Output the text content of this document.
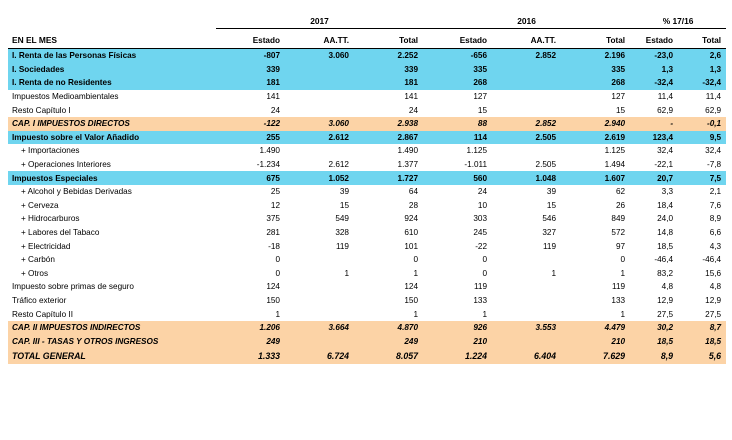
	2017			2016			% 17/16	
EN EL MES	Estado	AA.TT.	Total	Estado	AA.TT.	Total	Estado	Total

I. Renta de las Personas Físicas	-807	3.060	2.252	-656	2.852	2.196	-23,0	2,6
I. Sociedades	339		339	335		335	1,3	1,3
I. Renta de no Residentes	181		181	268		268	-32,4	-32,4
Impuestos Medioambientales	141		141	127		127	11,4	11,4
Resto Capítulo I	24		24	15		15	62,9	62,9
CAP. I IMPUESTOS DIRECTOS	-122	3.060	2.938	88	2.852	2.940	-	-0,1
Impuesto sobre el Valor Añadido	255	2.612	2.867	114	2.505	2.619	123,4	9,5
+ Importaciones	1.490		1.490	1.125		1.125	32,4	32,4
+ Operaciones Interiores	-1.234	2.612	1.377	-1.011	2.505	1.494	-22,1	-7,8
Impuestos Especiales	675	1.052	1.727	560	1.048	1.607	20,7	7,5
+ Alcohol y Bebidas Derivadas	25	39	64	24	39	62	3,3	2,1
+ Cerveza	12	15	28	10	15	26	18,4	7,6
+ Hidrocarburos	375	549	924	303	546	849	24,0	8,9
+ Labores del Tabaco	281	328	610	245	327	572	14,8	6,6
+ Electricidad	-18	119	101	-22	119	97	18,5	4,3
+ Carbón	0		0	0		0	-46,4	-46,4
+ Otros	0	1	1	0	1	1	83,2	15,6
Impuesto sobre primas de seguro	124		124	119		119	4,8	4,8
Tráfico exterior	150		150	133		133	12,9	12,9
Resto Capítulo II	1		1	1		1	27,5	27,5
CAP. II IMPUESTOS INDIRECTOS	1.206	3.664	4.870	926	3.553	4.479	30,2	8,7
CAP. III - TASAS Y OTROS INGRESOS	249		249	210		210	18,5	18,5
TOTAL GENERAL	1.333	6.724	8.057	1.224	6.404	7.629	8,9	5,6
